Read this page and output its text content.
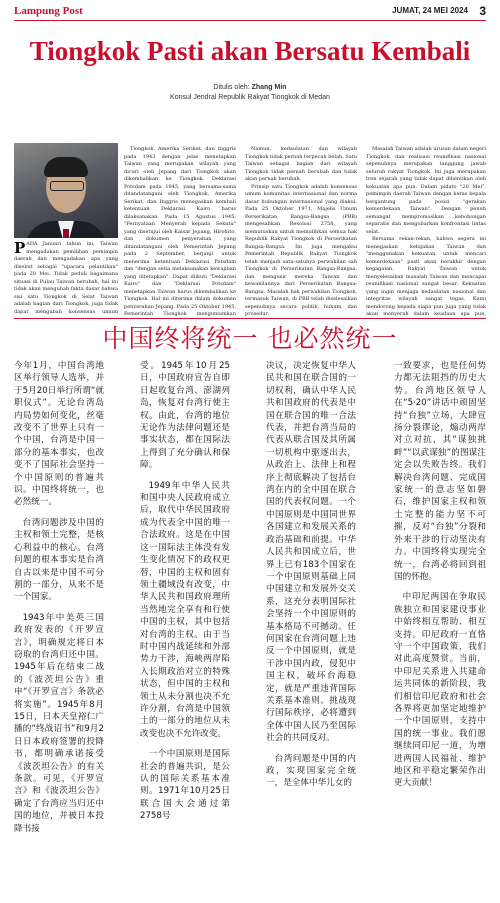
Lampung Post	JUMAT, 24 MEI 2024 3
Tiongkok Pasti akan Bersatu Kembali
Ditulis oleh: Zhang Min
Konsul Jendral Republik Rakyat Tiongkok di Medan

PADA Januari tahun ini, Taiwan mengadakan pemilihan pemimpin daerah dan mengadakan apa yang disebut sebagai "upacara pelantikan" pada 20 Mei. Tidak peduli bagaimana situasi di Pulau Taiwan berubah, hal ini tidak akan mengubah fakta dasar bahwa sisi satu Tiongkok di Selat Taiwan adalah bagian dari Tiongkok, juga tidak dapat mengubah konsensus umum

Tiongkok, Amerika Serikat, dan Inggris pada 1943 dengan jelas menetapkan Taiwan yang merupakan wilayah yang dicuri oleh Jepang dari Tiongkok akan dikembalikan ke Tiongkok. Deklarasi Potsdam pada 1945, yang bersama-sama ditandatangani oleh Tiongkok, Amerika Serikat, dan Inggris menegaskan kembali ketentuan Deklarasi Kairo harus dilaksanakan. Pada 15 Agustus 1945, "Pernyataan Menyerah kepada Sekutu" yang disetujui oleh Kaisar Jepang, Hirohito, dan dokumen penyerahan yang ditandatangani oleh Pemerintah Jepang pada 2 September, berjanji untuk menerima ketentuan Deklarasi Potsdam dan "dengan setia melaksanakan kewajiban yang ditetapkan". Dapat diikuti "Deklarasi Kairo" dan "Deklarasi Potsdam" menetapkan Taiwan harus dikembalikan ke Tiongkok. Hal ini diterima dalam dokumen penyerahan Jepang. Pada 25 Oktober 1945, Pemerintah Tiongkok mengumumkan

Namun, kedaulatan dan wilayah Tiongkok tidak pernah terpecah belah. Satu Taiwan sebagai bagian dari wilayah Tiongkok tidak pernah berubah dan tidak akan pernah berubah.

Prinsip satu Tiongkok adalah konsensus umum komunitas internasional dan norma dasar hubungan internasional yang diakui. Pada 25 Oktober 1971, Majelis Umum Perserikatan Bangsa-Bangsa (PBB) mengesahkan Resolusi 2758, yang memutuskan untuk memulihkan semua hak Republik Rakyat Tiongkok di Perserikatan Bangsa-Bangsa. Ini juga mengakui Pemerintah Republik Rakyat Tiongkok telah menjadi satu-satunya perwakilan sah Tiongkok di Perserikatan Bangsa-Bangsa, dan mengusir mereka Taiwan dan kewakilannya dari Perserikatan Bangsa-Bangsa. Masalah hak perwakilan Tiongkok, termasuk Taiwan, di PBB telah diselesaikan sepenuhnya secara politik, hukum, dan prosedur.

Masalah Taiwan adalah urusan dalam negeri Tiongkok, dan realisasi reunifikasi nasional sepenuhnya merupakan tanggung jawab seluruh rakyat Tiongkok. Ini juga merupakan tren sejarah yang tidak dapat dihentikan oleh kekuatan apa pun. Dalam pidato "20 Mei", pemimpin daerah Taiwan dengan keras kepala bergantung pada posisi "gerakan kemerdekaan Taiwan". Dengan penuh semangat mempromosikan kebohongan separatis dan mengobarkan konfrontasi lintas selat.

Bersama rekan-rekan, bahwa segera ini menegaskan kebijakan Taiwan dan "menggunakan kekuatan untuk mencari kemerdekaan" pasti akan berakhir dengan kegagalan. Rakyat Taiwan untuk menyelesaikan masalah Taiwan dan mencapai reunifikasi nasional sangat besar. Kekuatan yang ingin menjaga kedaulatan nasional dan integritas wilayah sangat tegas. Kami mendorong kepada siapa pun juga yang tidak akan menyerah dalam keadaan apa pun,

中国终将统一 也必然统一

今年1月，中国台湾地区举行领导人选举，并于5月20日举行所谓“就职仪式”。无论台湾岛内局势如何变化，丝毫改变不了世界上只有一个中国，台湾是中国一部分的基本事实，也改变不了国际社会坚持一个中国原则的普遍共识。中国终将统一，也必然统一。

台湾问题涉及中国的主权和领土完整，是核心利益中的核心。台湾问题的根本事实是台湾自古以来是中国不可分割的一部分，从来不是一个国家。

1943年中美英三国政府发表的《开罗宣言》，明确规定将日本窃取的台湾归还中国。1945年后在结束二战的《波茨坦公告》重申“《开罗宣言》条款必将实施”。1945年8月15日，日本天皇裕仁广播的“终战诏书”和9月2日日本政府签署的投降书，都明确承诺接受《波茨坦公告》的有关条款。可见，《开罗宣言》和《波茨坦公告》确定了台湾应当归还中国的地位，并被日本投降书接

受。1945年10月25日，中国政府宣告自即日起收复台湾、澎湖列岛，恢复对台湾行使主权。由此，台湾的地位无论作为法律问题还是事实状态，都在国际法上得到了充分确认和保障。

1949年中华人民共和国中央人民政府成立后，取代中华民国政府成为代表全中国的唯一合法政府。这是在中国这一国际法主体没有发生变化情况下的政权更替，中国的主权和固有领土疆域没有改变，中华人民共和国政府理所当然地完全享有和行使中国的主权，其中包括对台湾的主权。由于当时中国内战延续和外部势力干涉，海峡两岸陷入长期政治对立的特殊状态，但中国的主权和领土从未分割也决不允许分割，台湾是中国领土的一部分的地位从未改变也决不允许改变。

一个中国原则是国际社会的普遍共识，是公认的国际关系基本准则。1971年10月25日联合国大会通过第2758号

决议，决定恢复中华人民共和国在联合国的一切权利，确认中华人民共和国政府的代表是中国在联合国的唯一合法代表，并把台湾当局的代表从联合国及其所属一切机构中驱逐出去，从政治上、法律上和程序上彻底解决了包括台湾在内的全中国在联合国的代表权问题。一个中国原则是中国同世界各国建立和发展关系的政治基础和前提。中华人民共和国成立后，世界上已有183个国家在一个中国原则基础上同中国建立和发展外交关系，这充分表明国际社会坚持一个中国原则的基本格局不可撼动。任何国家在台湾问题上违反一个中国原则，就是干涉中国内政，侵犯中国主权，破坏台海稳定，就是严重违背国际关系基本准则、挑战现行国际秩序，必将遭到全体中国人民乃至国际社会的共同反对。

台湾问题是中国的内政，实现国家完全统一，是全体中华儿女的

一致要求，也是任何势力都无法阻挡的历史大势。台湾地区领导人在“5·20”讲话中顽固坚持“台独”立场，大肆宣扬分裂谬论，煽动两岸对立对抗，其“谋独挑衅”“以武谋独”的图谋注定会以失败告终。我们解决台湾问题、完成国家统一的意志坚如磐石，维护国家主权和领土完整的能力坚不可摧，反对“台独”分裂和外来干涉的行动坚决有力。中国终将实现完全统一，台湾必将回到祖国的怀抱。

中印尼两国在争取民族独立和国家建设事业中始终相互帮助、相互支持。印尼政府一直恪守一个中国政策，我们对此高度赞赏。当前，中印尼关系进入共建命运共同体的新阶段，我们相信印尼政府和社会各界将更加坚定地维护一个中国原则，支持中国的统一事业。我们愿继续同印尼一道，为增进两国人民福祉、维护地区和平稳定繁荣作出更大贡献！
